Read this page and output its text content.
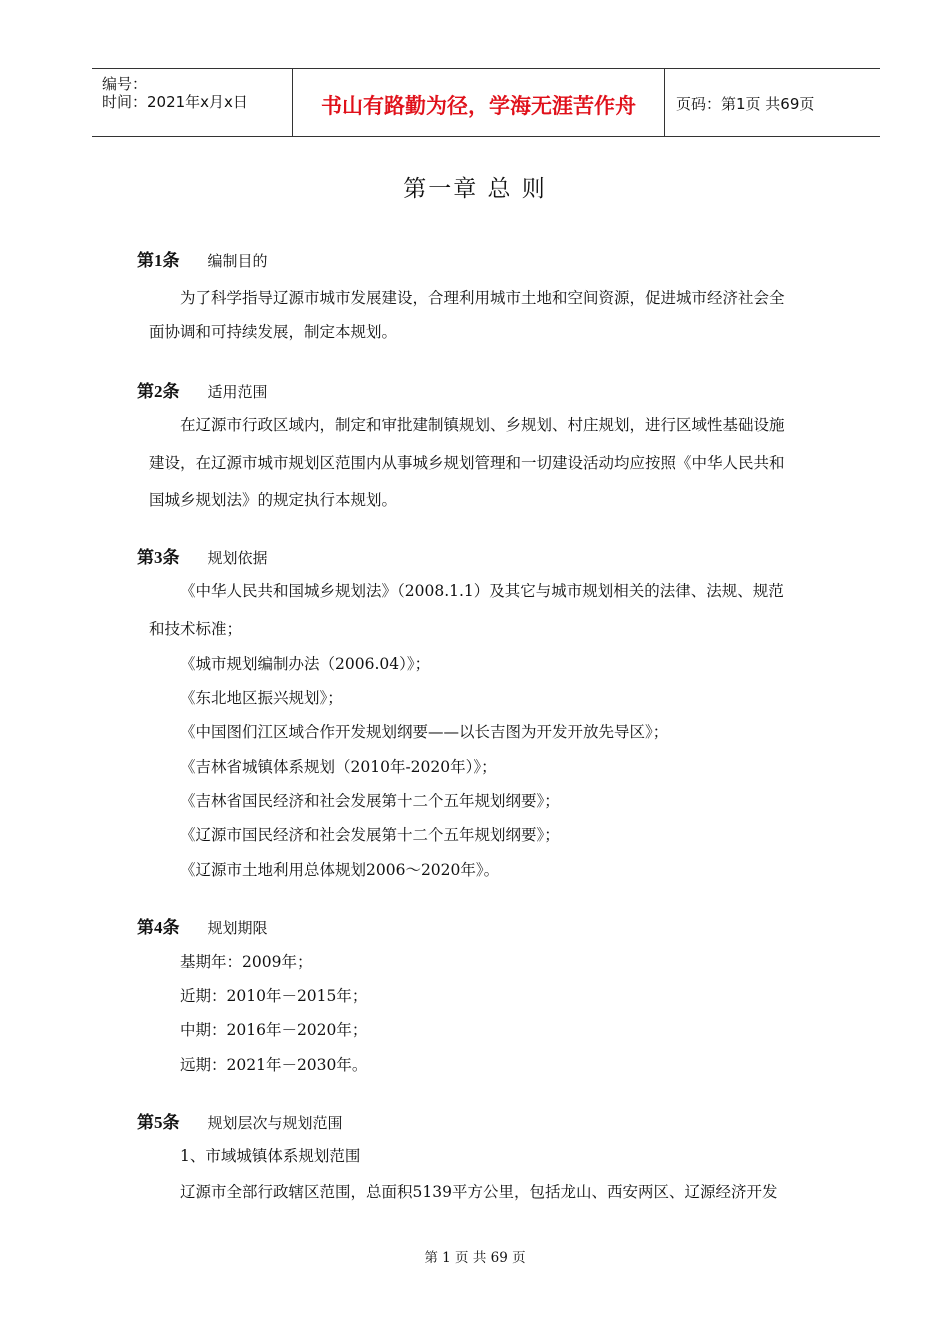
编号：
时间：2021年x月x日	书山有路勤为径，学海无涯苦作舟	页码：第1页 共69页
第一章 总 则
第1条 编制目的
为了科学指导辽源市城市发展建设，合理利用城市土地和空间资源，促进城市经济社会全
面协调和可持续发展，制定本规划。
第2条 适用范围
在辽源市行政区域内，制定和审批建制镇规划、乡规划、村庄规划，进行区域性基础设施
建设，在辽源市城市规划区范围内从事城乡规划管理和一切建设活动均应按照《中华人民共和
国城乡规划法》的规定执行本规划。
第3条 规划依据
《中华人民共和国城乡规划法》（2008.1.1）及其它与城市规划相关的法律、法规、规范
和技术标准；
《城市规划编制办法（2006.04）》；
《东北地区振兴规划》；
《中国图们江区域合作开发规划纲要——以长吉图为开发开放先导区》；
《吉林省城镇体系规划（2010年-2020年）》；
《吉林省国民经济和社会发展第十二个五年规划纲要》；
《辽源市国民经济和社会发展第十二个五年规划纲要》；
《辽源市土地利用总体规划2006～2020年》。
第4条 规划期限
基期年：2009年；
近期：2010年－2015年；
中期：2016年－2020年；
远期：2021年－2030年。
第5条 规划层次与规划范围
1、市域城镇体系规划范围
辽源市全部行政辖区范围，总面积5139平方公里，包括龙山、西安两区、辽源经济开发
第 1 页 共 69 页
